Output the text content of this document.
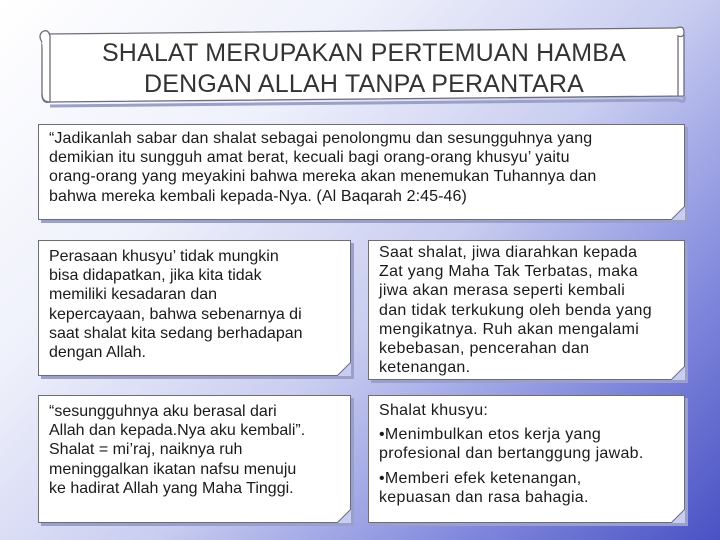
SHALAT MERUPAKAN PERTEMUAN HAMBA
DENGAN ALLAH TANPA PERANTARA
“Jadikanlah sabar dan shalat sebagai penolongmu dan sesungguhnya yang
demikian itu sungguh amat berat, kecuali bagi orang-orang khusyu’ yaitu
orang-orang yang meyakini bahwa mereka akan menemukan Tuhannya dan
bahwa mereka kembali kepada-Nya. (Al Baqarah 2:45-46)
Perasaan khusyu’ tidak mungkin
bisa didapatkan, jika kita tidak
memiliki kesadaran dan
kepercayaan, bahwa sebenarnya di
saat shalat kita sedang berhadapan
dengan Allah.
Saat shalat, jiwa diarahkan kepada
Zat yang Maha Tak Terbatas, maka
jiwa akan merasa seperti kembali
dan tidak terkukung oleh benda yang
mengikatnya. Ruh akan mengalami
kebebasan, pencerahan dan
ketenangan.
“sesungguhnya aku berasal dari
Allah dan kepada.Nya aku kembali”.
Shalat = mi’raj, naiknya ruh
meninggalkan ikatan nafsu menuju
ke hadirat Allah yang Maha Tinggi.
Shalat khusyu:
•Menimbulkan etos kerja yang
profesional dan bertanggung jawab.
•Memberi efek ketenangan,
kepuasan dan rasa bahagia.
